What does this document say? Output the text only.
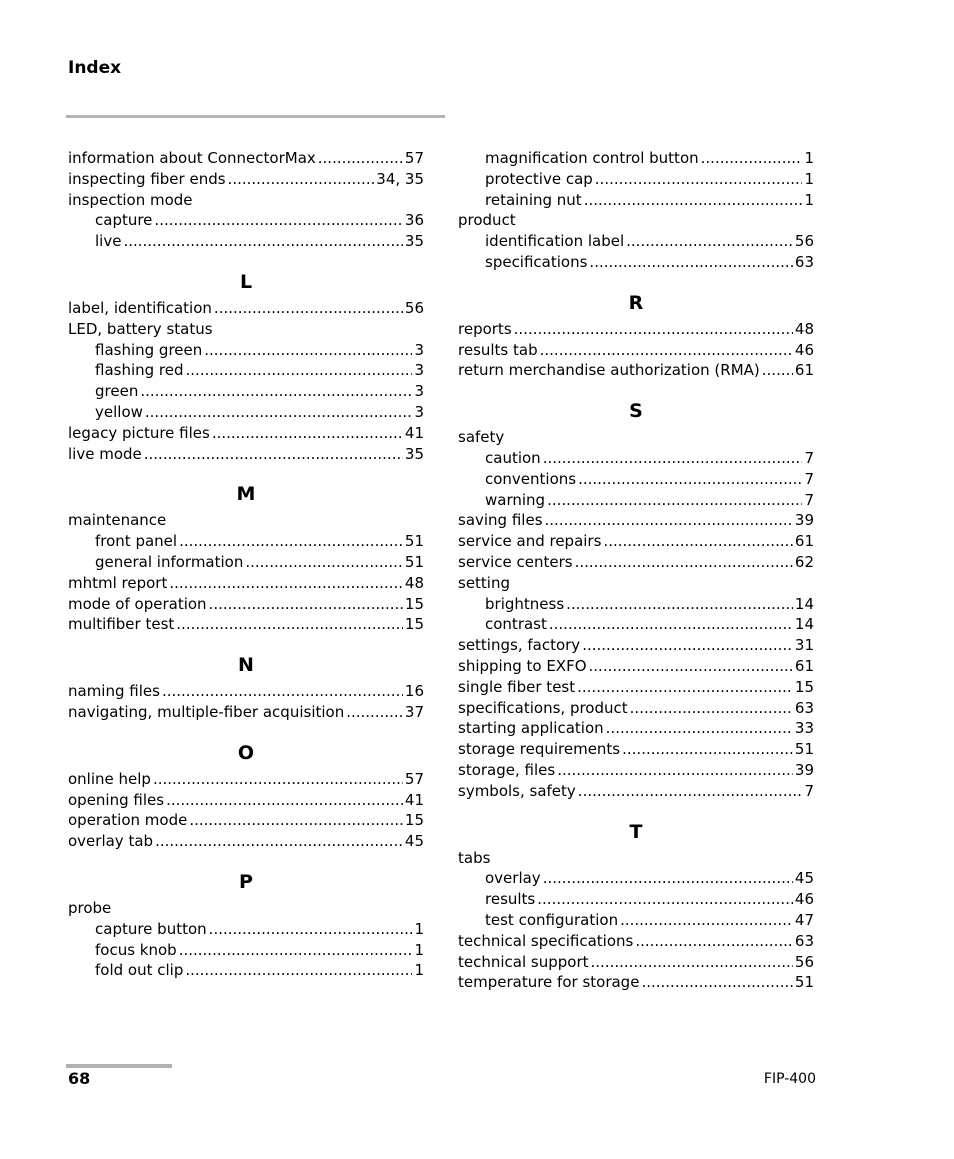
Index
information about ConnectorMax .....	57
inspecting fiber ends .....	34, 35
inspection mode
capture .....	36
live .....	35
L
label, identification .....	56
LED, battery status
flashing green .....	3
flashing red .....	3
green .....	3
yellow .....	3
legacy picture files .....	41
live mode .....	35
M
maintenance
front panel .....	51
general information .....	51
mhtml report .....	48
mode of operation .....	15
multifiber test .....	15
N
naming files .....	16
navigating, multiple-fiber acquisition .....	37
O
online help .....	57
opening files .....	41
operation mode .....	15
overlay tab .....	45
P
probe
capture button .....	1
focus knob .....	1
fold out clip .....	1
magnification control button .....	1
protective cap .....	1
retaining nut .....	1
product
identification label .....	56
specifications .....	63
R
reports .....	48
results tab .....	46
return merchandise authorization (RMA) ..... 61
S
safety
caution .....	7
conventions .....	7
warning .....	7
saving files .....	39
service and repairs .....	61
service centers .....	62
setting
brightness .....	14
contrast .....	14
settings, factory .....	31
shipping to EXFO .....	61
single fiber test .....	15
specifications, product .....	63
starting application .....	33
storage requirements .....	51
storage, files .....	39
symbols, safety .....	7
T
tabs
overlay .....	45
results .....	46
test configuration .....	47
technical specifications .....	63
technical support .....	56
temperature for storage .....	51
68	FIP-400
